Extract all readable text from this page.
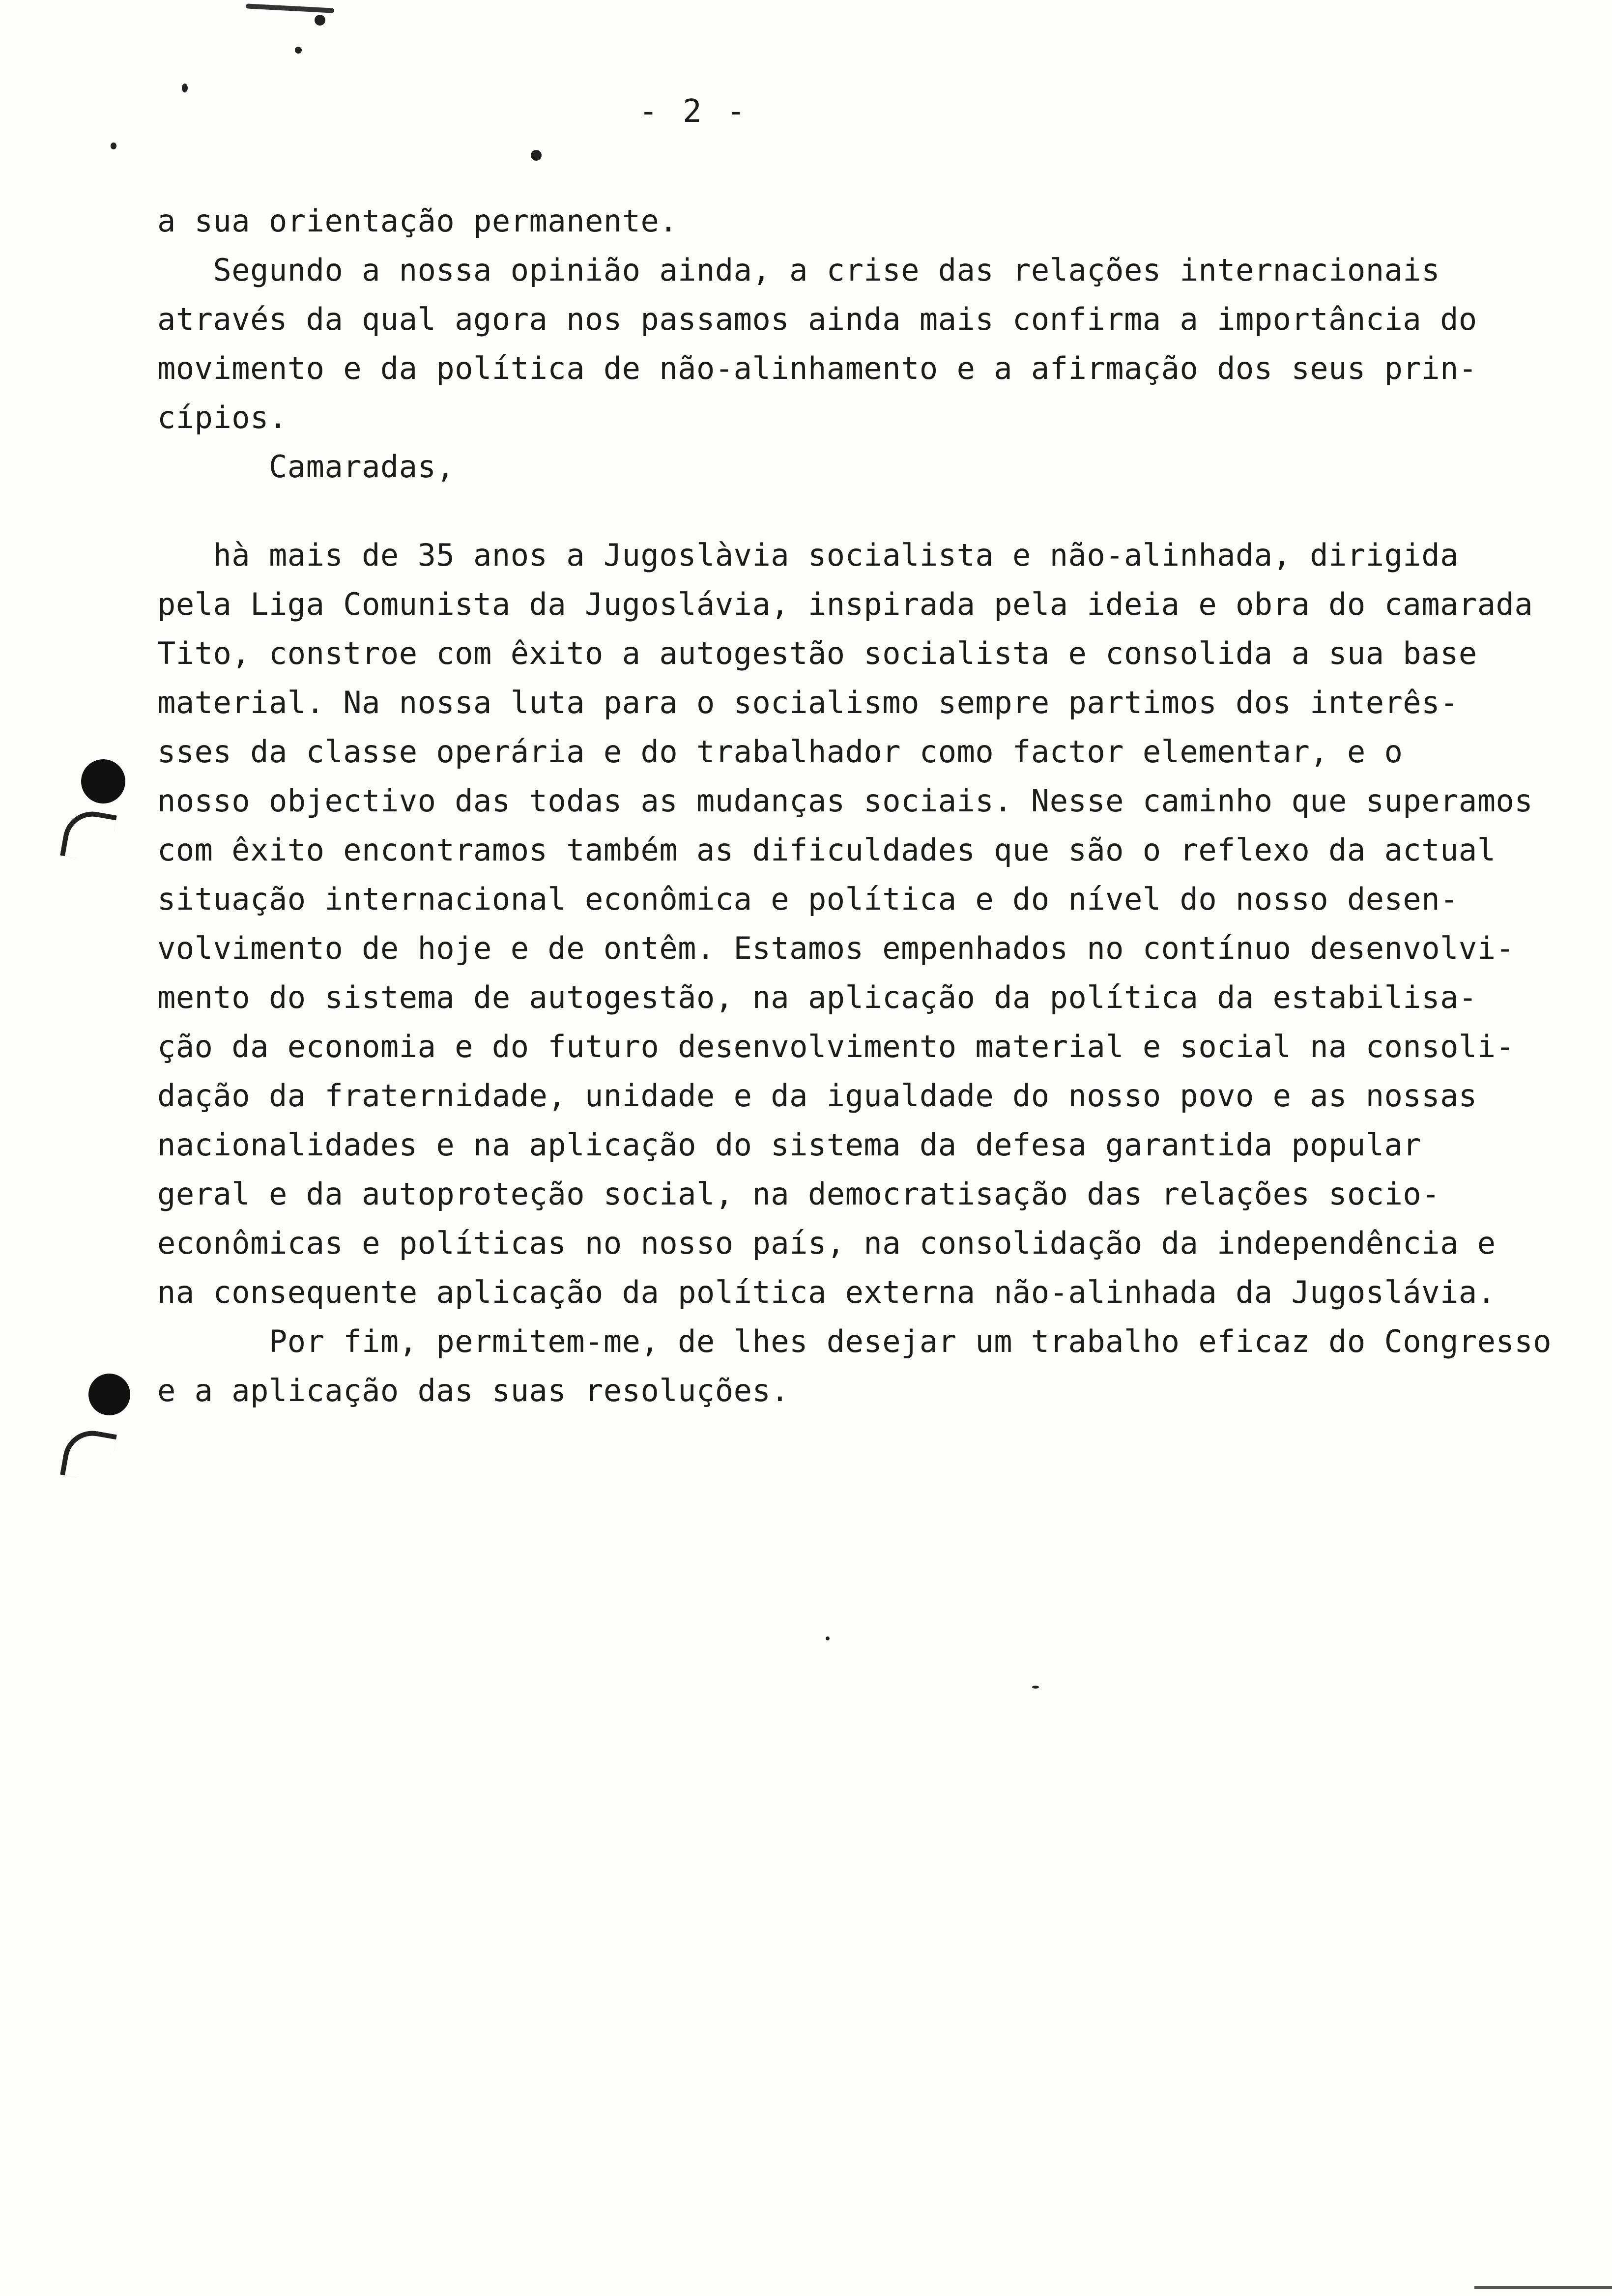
- 2 -
a sua orientação permanente.
Segundo a nossa opinião ainda, a crise das relações internacionais
através da qual agora nos passamos ainda mais confirma a importância do
movimento e da política de não-alinhamento e a afirmação dos seus prin-
cípios.
Camaradas,
hà mais de 35 anos a Jugoslàvia socialista e não-alinhada, dirigida
pela Liga Comunista da Jugoslávia, inspirada pela ideia e obra do camarada
Tito, constroe com êxito a autogestão socialista e consolida a sua base
material. Na nossa luta para o socialismo sempre partimos dos interês-
sses da classe operária e do trabalhador como factor elementar, e o
nosso objectivo das todas as mudanças sociais. Nesse caminho que superamos
com êxito encontramos também as dificuldades que são o reflexo da actual
situação internacional econômica e política e do nível do nosso desen-
volvimento de hoje e de ontêm. Estamos empenhados no contínuo desenvolvi-
mento do sistema de autogestão, na aplicação da política da estabilisa-
ção da economia e do futuro desenvolvimento material e social na consoli-
dação da fraternidade, unidade e da igualdade do nosso povo e as nossas
nacionalidades e na aplicação do sistema da defesa garantida popular
geral e da autoproteção social, na democratisação das relações socio-
econômicas e políticas no nosso país, na consolidação da independência e
na consequente aplicação da política externa não-alinhada da Jugoslávia.
Por fim, permitem-me, de lhes desejar um trabalho eficaz do Congresso
e a aplicação das suas resoluções.
